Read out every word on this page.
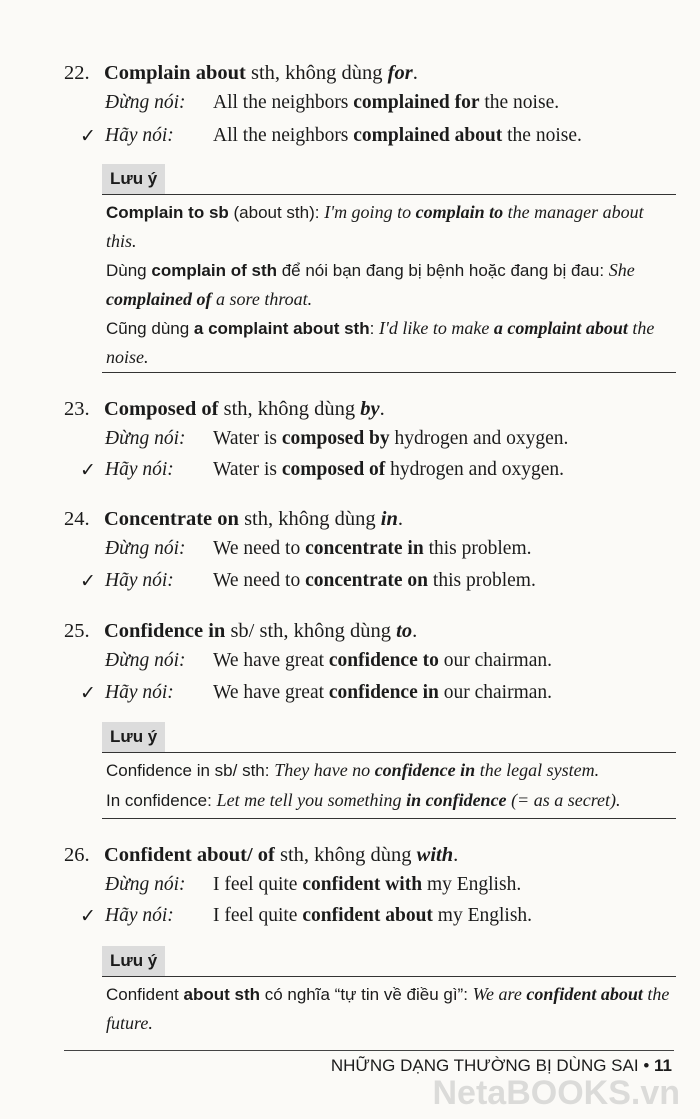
22. Complain about sth, không dùng for.
Đừng nói: All the neighbors complained for the noise.
✓ Hãy nói: All the neighbors complained about the noise.
Lưu ý
Complain to sb (about sth): I'm going to complain to the manager about this.
Dùng complain of sth để nói bạn đang bị bệnh hoặc đang bị đau: She complained of a sore throat.
Cũng dùng a complaint about sth: I'd like to make a complaint about the noise.
23. Composed of sth, không dùng by.
Đừng nói: Water is composed by hydrogen and oxygen.
✓ Hãy nói: Water is composed of hydrogen and oxygen.
24. Concentrate on sth, không dùng in.
Đừng nói: We need to concentrate in this problem.
✓ Hãy nói: We need to concentrate on this problem.
25. Confidence in sb/ sth, không dùng to.
Đừng nói: We have great confidence to our chairman.
✓ Hãy nói: We have great confidence in our chairman.
Lưu ý
Confidence in sb/ sth: They have no confidence in the legal system.
In confidence: Let me tell you something in confidence (= as a secret).
26. Confident about/ of sth, không dùng with.
Đừng nói: I feel quite confident with my English.
✓ Hãy nói: I feel quite confident about my English.
Lưu ý
Confident about sth có nghĩa “tự tin về điều gì”: We are confident about the future.
NHỮNG DẠNG THƯỜNG BỊ DÙNG SAI • 11
NetaBOOKS.vn
